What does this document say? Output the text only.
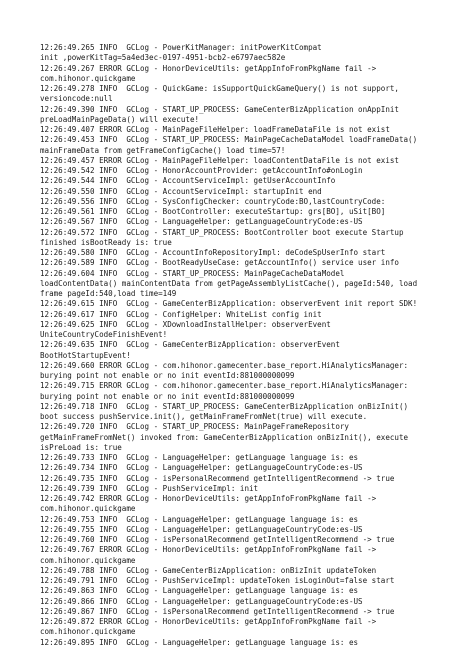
12:26:49.265 INFO  GCLog - PowerKitManager: initPowerKitCompat
init ,powerKitTag=5a4ed3ec-0197-4951-bcb2-e6797aec582e
12:26:49.267 ERROR GCLog - HonorDeviceUtils: getAppInfoFromPkgName fail ->
com.hihonor.quickgame
12:26:49.278 INFO  GCLog - QuickGame: isSupportQuickGameQuery() is not support,
versioncode:null
12:26:49.390 INFO  GCLog - START_UP_PROCESS: GameCenterBizApplication onAppInit
preLoadMainPageData() will execute!
12:26:49.407 ERROR GCLog - MainPageFileHelper: loadFrameDataFile is not exist
12:26:49.453 INFO  GCLog - START_UP_PROCESS: MainPageCacheDataModel loadFrameData()
mainFrameData from getFrameConfigCache() load time=57!
12:26:49.457 ERROR GCLog - MainPageFileHelper: loadContentDataFile is not exist
12:26:49.542 INFO  GCLog - HonorAccountProvider: getAccountInfo#onLogin
12:26:49.544 INFO  GCLog - AccountServiceImpl: getUserAccountInfo
12:26:49.550 INFO  GCLog - AccountServiceImpl: startupInit end
12:26:49.556 INFO  GCLog - SysConfigChecker: countryCode:BO,lastCountryCode:
12:26:49.561 INFO  GCLog - BootController: executeStartup: grs[BO], uSit[BO]
12:26:49.567 INFO  GCLog - LanguageHelper: getLanguageCountryCode:es-US
12:26:49.572 INFO  GCLog - START_UP_PROCESS: BootController boot execute Startup
finished isBootReady is: true
12:26:49.580 INFO  GCLog - AccountInfoRepositoryImpl: deCodeSpUserInfo start
12:26:49.589 INFO  GCLog - BootReadyUseCase: getAccountInfo() service user info
12:26:49.604 INFO  GCLog - START_UP_PROCESS: MainPageCacheDataModel
loadContentData() mainContentData from getPageAssemblyListCache(), pageId:540, load
frame pageId:540,load time=149
12:26:49.615 INFO  GCLog - GameCenterBizApplication: observerEvent init report SDK!
12:26:49.617 INFO  GCLog - ConfigHelper: WhiteList config init
12:26:49.625 INFO  GCLog - XDownloadInstallHelper: observerEvent
UniteCountryCodeFinishEvent!
12:26:49.635 INFO  GCLog - GameCenterBizApplication: observerEvent
BootHotStartupEvent!
12:26:49.660 ERROR GCLog - com.hihonor.gamecenter.base_report.HiAnalyticsManager:
burying point not enable or no init eventId:881000000099
12:26:49.715 ERROR GCLog - com.hihonor.gamecenter.base_report.HiAnalyticsManager:
burying point not enable or no init eventId:881000000099
12:26:49.718 INFO  GCLog - START_UP_PROCESS: GameCenterBizApplication onBizInit()
boot success pushService.init(), getMainFrameFromNet(true) will execute.
12:26:49.720 INFO  GCLog - START_UP_PROCESS: MainPageFrameRepository
getMainFrameFromNet() invoked from: GameCenterBizApplication onBizInit(), execute
isPreLoad is: true
12:26:49.733 INFO  GCLog - LanguageHelper: getLanguage language is: es
12:26:49.734 INFO  GCLog - LanguageHelper: getLanguageCountryCode:es-US
12:26:49.735 INFO  GCLog - isPersonalRecommend getIntelligentRecommend -> true
12:26:49.739 INFO  GCLog - PushServiceImpl: init
12:26:49.742 ERROR GCLog - HonorDeviceUtils: getAppInfoFromPkgName fail ->
com.hihonor.quickgame
12:26:49.753 INFO  GCLog - LanguageHelper: getLanguage language is: es
12:26:49.755 INFO  GCLog - LanguageHelper: getLanguageCountryCode:es-US
12:26:49.760 INFO  GCLog - isPersonalRecommend getIntelligentRecommend -> true
12:26:49.767 ERROR GCLog - HonorDeviceUtils: getAppInfoFromPkgName fail ->
com.hihonor.quickgame
12:26:49.788 INFO  GCLog - GameCenterBizApplication: onBizInit updateToken
12:26:49.791 INFO  GCLog - PushServiceImpl: updateToken isLoginOut=false start
12:26:49.863 INFO  GCLog - LanguageHelper: getLanguage language is: es
12:26:49.866 INFO  GCLog - LanguageHelper: getLanguageCountryCode:es-US
12:26:49.867 INFO  GCLog - isPersonalRecommend getIntelligentRecommend -> true
12:26:49.872 ERROR GCLog - HonorDeviceUtils: getAppInfoFromPkgName fail ->
com.hihonor.quickgame
12:26:49.895 INFO  GCLog - LanguageHelper: getLanguage language is: es
